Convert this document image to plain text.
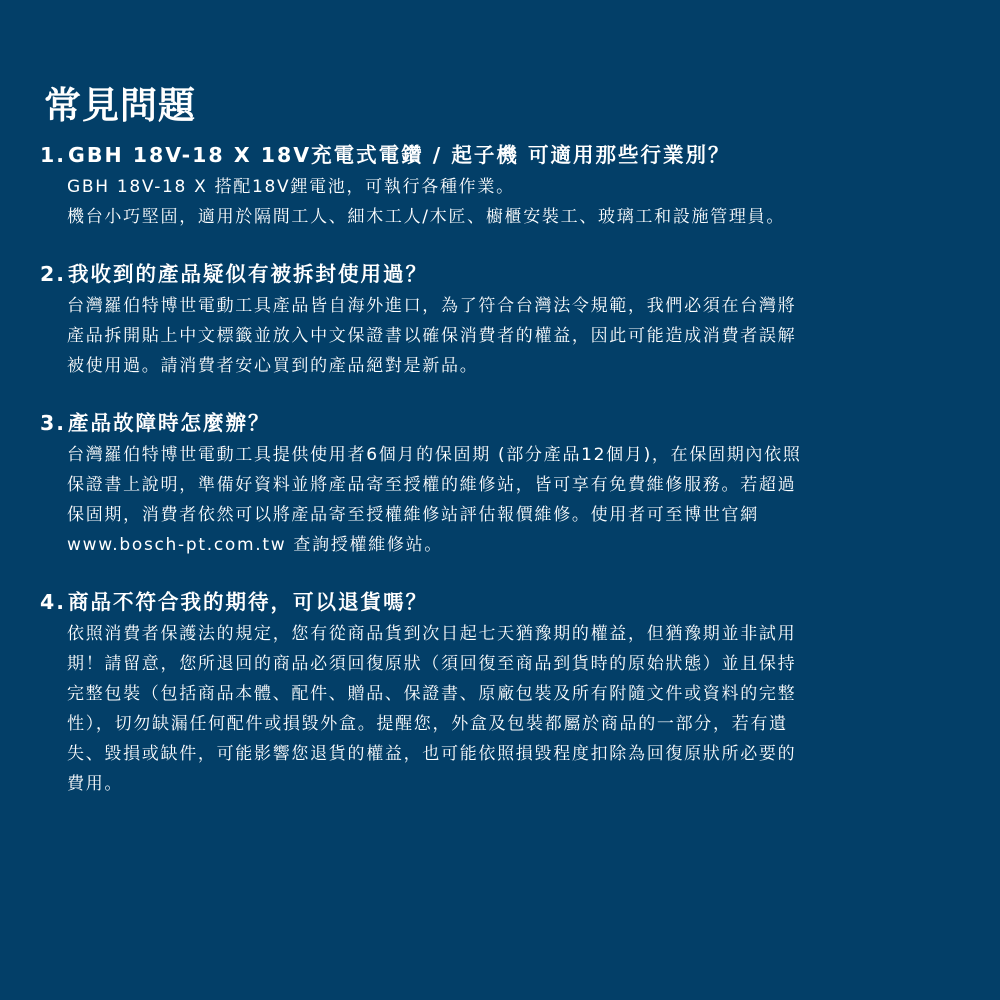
常見問題
1. GBH 18V-18 X 18V充電式電鑽 / 起子機 可適用那些行業別？
GBH 18V-18 X 搭配18V鋰電池，可執行各種作業。
機台小巧堅固，適用於隔間工人、細木工人/木匠、櫥櫃安裝工、玻璃工和設施管理員。
2. 我收到的產品疑似有被拆封使用過？
台灣羅伯特博世電動工具產品皆自海外進口，為了符合台灣法令規範，我們必須在台灣將
產品拆開貼上中文標籤並放入中文保證書以確保消費者的權益，因此可能造成消費者誤解
被使用過。請消費者安心買到的產品絕對是新品。
3. 產品故障時怎麼辦？
台灣羅伯特博世電動工具提供使用者6個月的保固期 (部分產品12個月)，在保固期內依照
保證書上說明，準備好資料並將產品寄至授權的維修站，皆可享有免費維修服務。若超過
保固期，消費者依然可以將產品寄至授權維修站評估報價維修。使用者可至博世官網
www.bosch-pt.com.tw 查詢授權維修站。
4. 商品不符合我的期待，可以退貨嗎？
依照消費者保護法的規定，您有從商品貨到次日起七天猶豫期的權益，但猶豫期並非試用
期！請留意，您所退回的商品必須回復原狀（須回復至商品到貨時的原始狀態）並且保持
完整包裝（包括商品本體、配件、贈品、保證書、原廠包裝及所有附隨文件或資料的完整
性），切勿缺漏任何配件或損毀外盒。提醒您，外盒及包裝都屬於商品的一部分，若有遺
失、毀損或缺件，可能影響您退貨的權益，也可能依照損毀程度扣除為回復原狀所必要的
費用。
